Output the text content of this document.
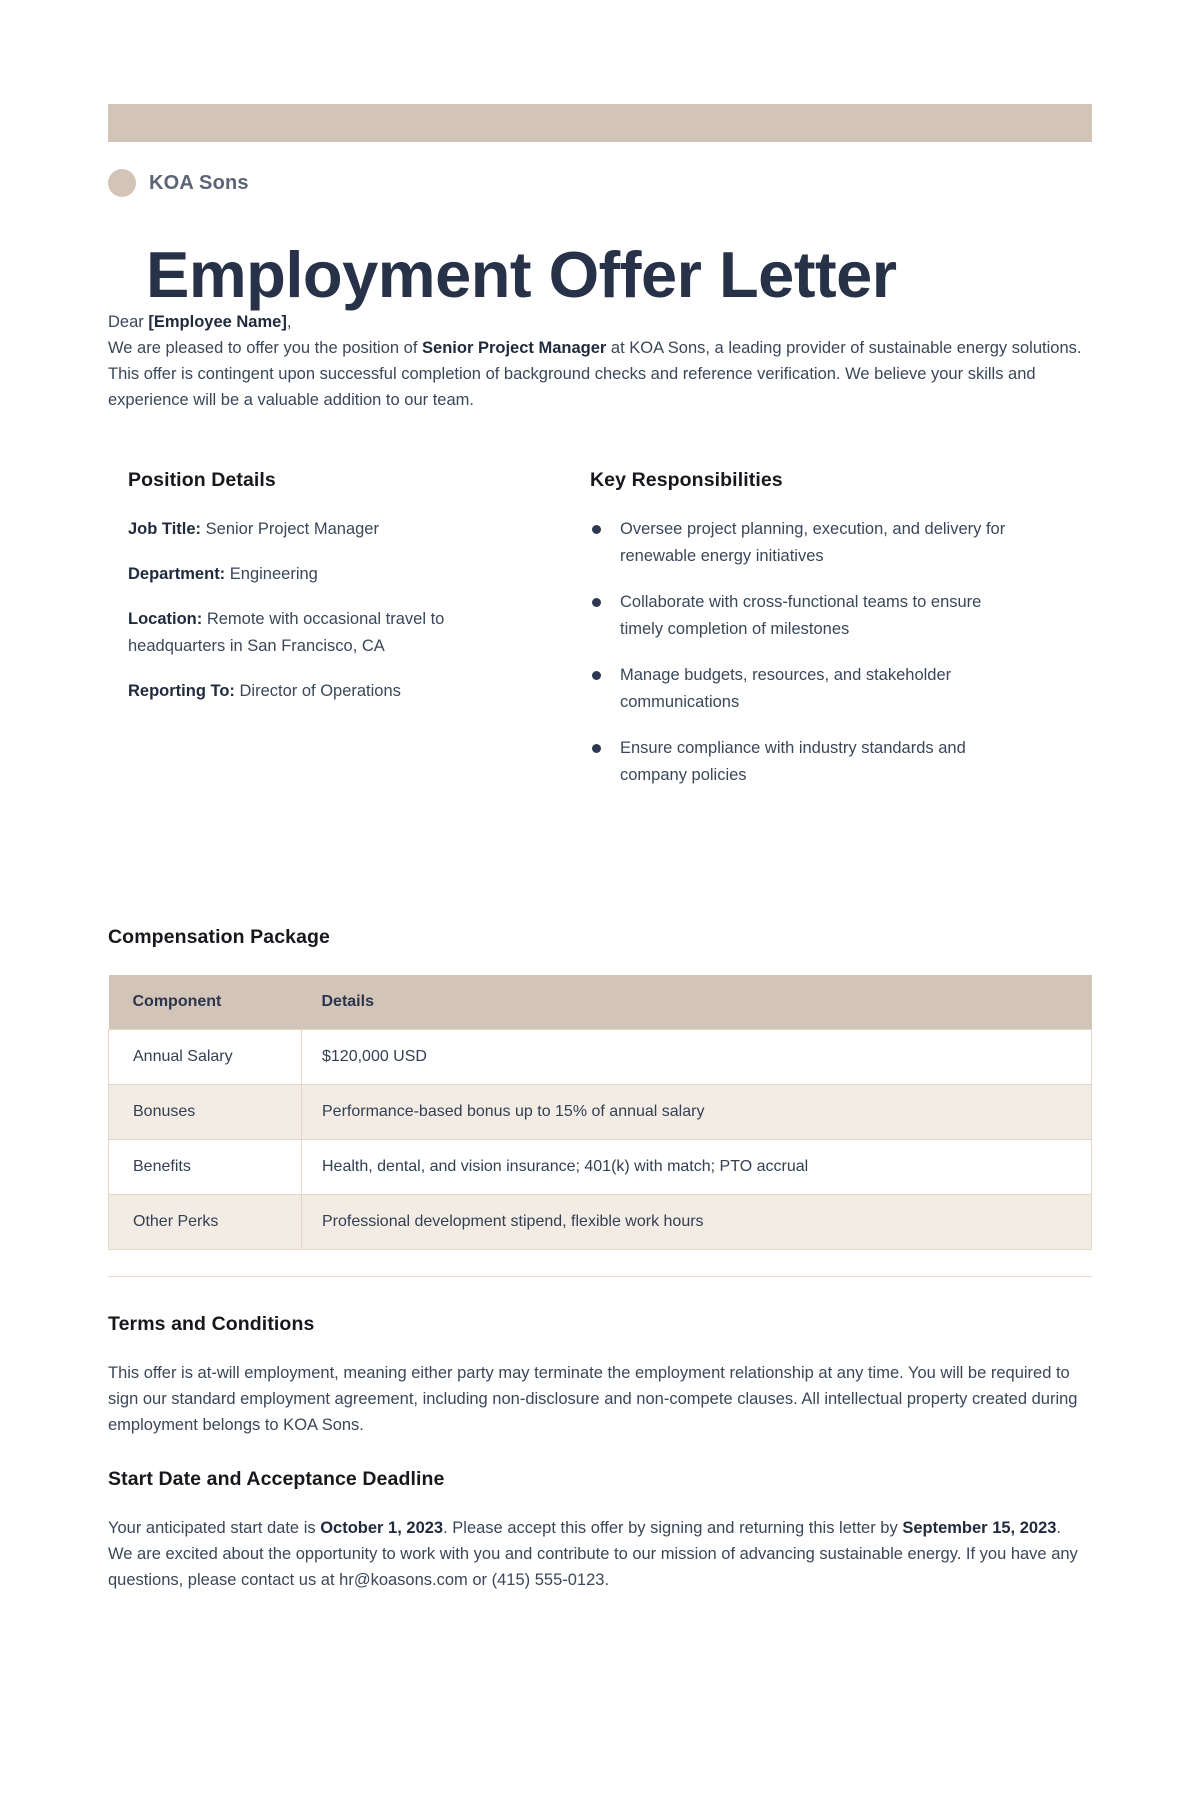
KOA Sons
Employment Offer Letter

Dear [Employee Name],

We are pleased to offer you the position of Senior Project Manager at KOA Sons, a leading provider of sustainable energy solutions. This offer is contingent upon successful completion of background checks and reference verification. We believe your skills and experience will be a valuable addition to our team.

Position Details

Job Title: Senior Project Manager

Department: Engineering

Location: Remote with occasional travel to headquarters in San Francisco, CA

Reporting To: Director of Operations

Key Responsibilities
Oversee project planning, execution, and delivery for renewable energy initiatives
Collaborate with cross-functional teams to ensure timely completion of milestones
Manage budgets, resources, and stakeholder communications
Ensure compliance with industry standards and company policies
Compensation Package
Component	Details
Annual Salary	$120,000 USD
Bonuses	Performance-based bonus up to 15% of annual salary
Benefits	Health, dental, and vision insurance; 401(k) with match; PTO accrual
Other Perks	Professional development stipend, flexible work hours
Terms and Conditions

This offer is at-will employment, meaning either party may terminate the employment relationship at any time. You will be required to sign our standard employment agreement, including non-disclosure and non-compete clauses. All intellectual property created during employment belongs to KOA Sons.

Start Date and Acceptance Deadline

Your anticipated start date is October 1, 2023. Please accept this offer by signing and returning this letter by September 15, 2023.

We are excited about the opportunity to work with you and contribute to our mission of advancing sustainable energy. If you have any questions, please contact us at hr@koasons.com or (415) 555-0123.
